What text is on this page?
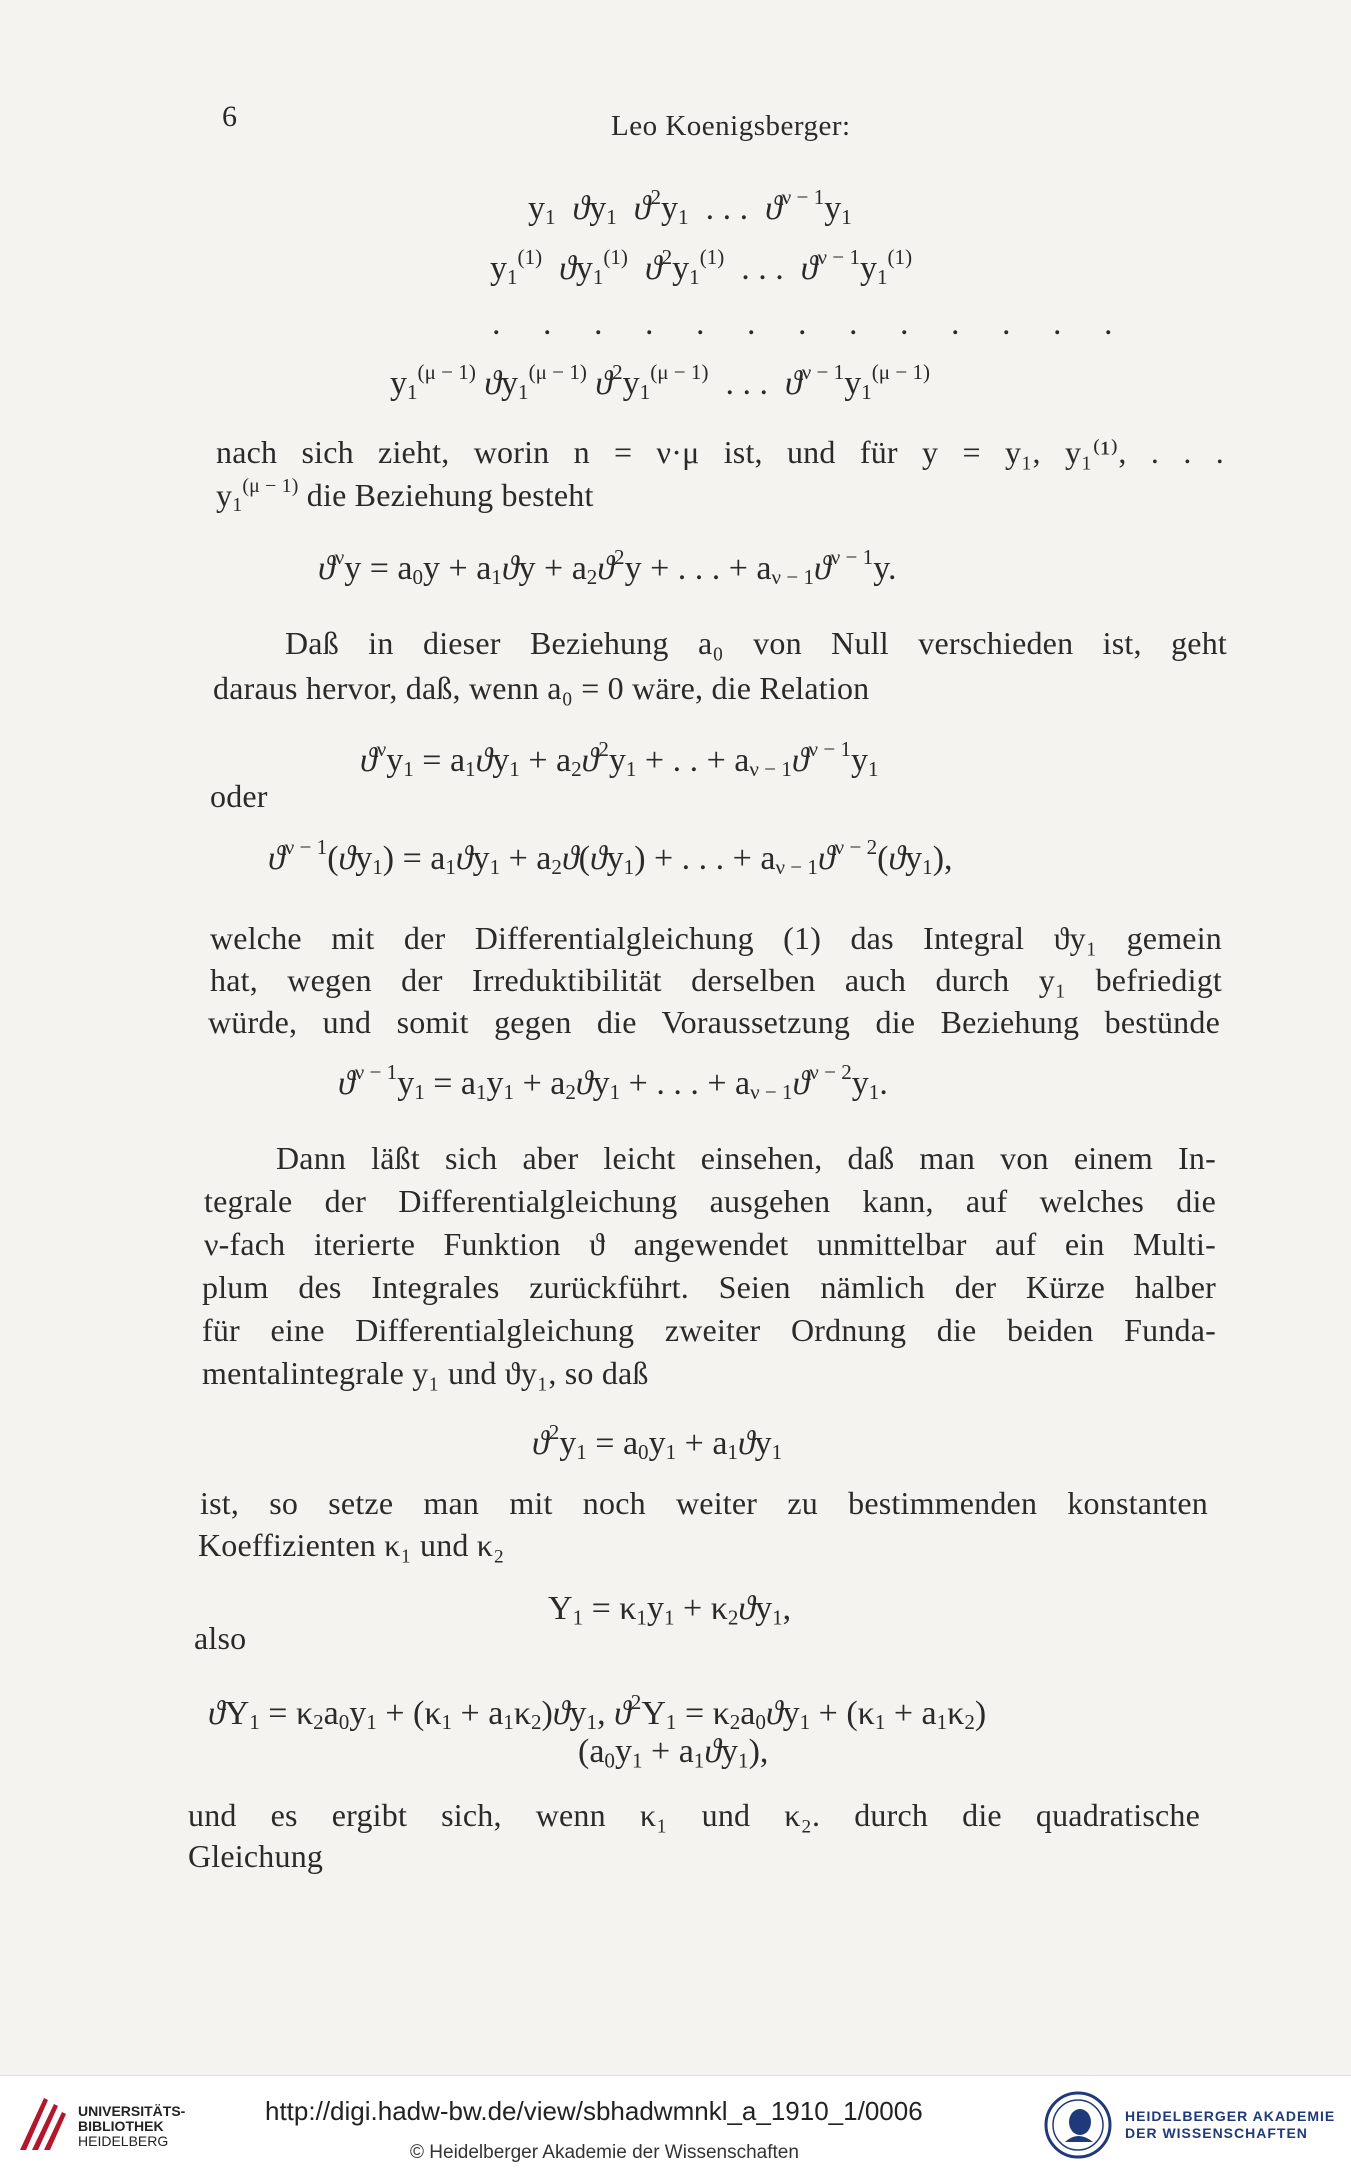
6	Leo Koenigsberger:
$y_1$ $ϑy_1$ $ϑ^2y_1$  . . .  $ϑ^{\nu - 1}y_1$
$y_1^{(1)}$ $ϑy_1^{(1)}$ $ϑ^2y_1^{(1)}$  . . .  $ϑ^{\nu - 1}y_1^{(1)}$
. . . . . . . . . . . . .
$y_1^{(\mu - 1)}$ $ϑy_1^{(\mu - 1)}$ $ϑ^2y_1^{(\mu - 1)}$  . . .  $ϑ^{\nu - 1}y_1^{(\mu - 1)}$
nach sich zieht, worin n = ν·μ ist, und für y = y₁, y₁⁽¹⁾, . . .
$y_1^{(\mu - 1)}$ die Beziehung besteht
$ϑ^\nu y = a_0y + a_1ϑy + a_2ϑ^2y$ + . . . + $a_{\nu - 1}ϑ^{\nu - 1}y$.
Daß in dieser Beziehung a₀ von Null verschieden ist, geht
daraus hervor, daß, wenn a₀ = 0 wäre, die Relation
$ϑ^\nu y_1 = a_1ϑy_1 + a_2ϑ^2y_1$ + . . + $a_{\nu - 1}ϑ^{\nu - 1}y_1$
oder
$ϑ^{\nu - 1}(ϑy_1) = a_1ϑy_1 + a_2ϑ(ϑy_1)$ + . . . + $a_{\nu - 1}ϑ^{\nu - 2}(ϑy_1)$,
welche mit der Differentialgleichung (1) das Integral ϑy₁ gemein
hat, wegen der Irreduktibilität derselben auch durch y₁ befriedigt
würde, und somit gegen die Voraussetzung die Beziehung bestünde
$ϑ^{\nu - 1}y_1 = a_1y_1 + a_2ϑy_1$ + . . . + $a_{\nu - 1}ϑ^{\nu - 2}y_1$.
Dann läßt sich aber leicht einsehen, daß man von einem In-
tegrale der Differentialgleichung ausgehen kann, auf welches die
ν-fach iterierte Funktion ϑ angewendet unmittelbar auf ein Multi-
plum des Integrales zurückführt. Seien nämlich der Kürze halber
für eine Differentialgleichung zweiter Ordnung die beiden Funda-
mentalintegrale y₁ und ϑy₁, so daß
$ϑ^2y_1 = a_0y_1 + a_1ϑy_1$
ist, so setze man mit noch weiter zu bestimmenden konstanten
Koeffizienten κ₁ und κ₂
$Y_1 = \kappa_1y_1 + \kappa_2ϑy_1$,
also
$ϑY_1 = \kappa_2a_0y_1 + (\kappa_1 + a_1\kappa_2)ϑy_1$, $ϑ^2Y_1 = \kappa_2a_0ϑy_1 + (\kappa_1 + a_1\kappa_2)$
$(a_0y_1 + a_1ϑy_1)$,
und es ergibt sich, wenn κ₁ und κ₂. durch die quadratische
Gleichung
UNIVERSITÄTS-
BIBLIOTHEK
HEIDELBERG
http://digi.hadw-bw.de/view/sbhadwmnkl_a_1910_1/0006
© Heidelberger Akademie der Wissenschaften
HEIDELBERGER AKADEMIE
DER WISSENSCHAFTEN
